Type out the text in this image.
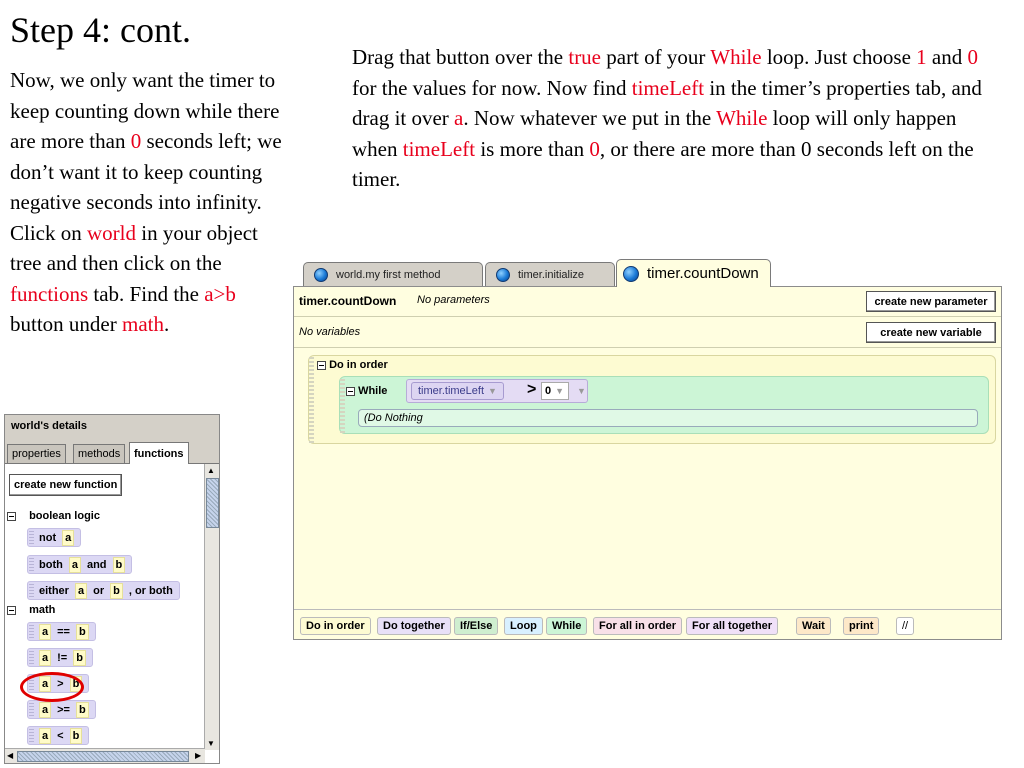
Step 4: cont.
Now, we only want the timer to keep counting down while there are more than 0 seconds left; we don’t want it to keep counting negative seconds into infinity. Click on world in your object tree and then click on the functions tab. Find the a>b button under math.
Drag that button over the true part of your While loop. Just choose 1 and 0 for the values for now. Now find timeLeft in the timer’s properties tab, and drag it over a. Now whatever we put in the While loop will only happen when timeLeft is more than 0, or there are more than 0 seconds left on the timer.
world.my first method	timer.initialize	timer.countDown
timer.countDown No parameters	create new parameter
No variables	create new variable
Do in order
While	timer.timeLeft ▼ > 0 ▼ ▼
(Do Nothing
Do in order	Do together	If/Else	Loop	While	For all in order	For all together	Wait	print	//
world's details
properties	methods	functions
create new function
boolean logic
not a
both a and b
either a or b , or both
math
a == b
a != b
a > b
a >= b
a < b
▲
▼
◀	▶
